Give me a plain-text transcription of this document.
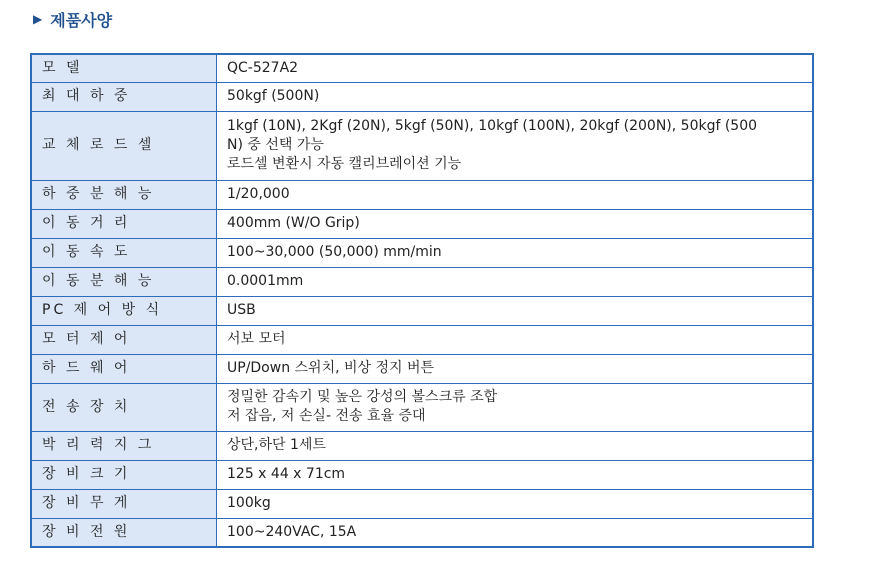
▶ 제품사양
모 델	QC-527A2

최 대 하 중	50kgf (500N)

교 체 로 드 셀	1kgf (10N), 2Kgf (20N), 5kgf (50N), 10kgf (100N), 20kgf (200N), 50kgf (500
N) 중 선택 가능
로드셀 변환시 자동 캘리브레이션 기능

하 중 분 해 능	1/20,000

이 동 거 리	400mm (W/O Grip)

이 동 속 도	100~30,000 (50,000) mm/min

이 동 분 해 능	0.0001mm

PC 제 어 방 식	USB

모 터 제 어	서보 모터

하 드 웨 어	UP/Down 스위치, 비상 정지 버튼

전 송 장 치	정밀한 감속기 및 높은 강성의 볼스크류 조합
저 잡음, 저 손실- 전송 효율 증대

박 리 력 지 그	상단,하단 1세트

장 비 크 기	125 x 44 x 71cm

장 비 무 게	100kg

장 비 전 원	100~240VAC, 15A
